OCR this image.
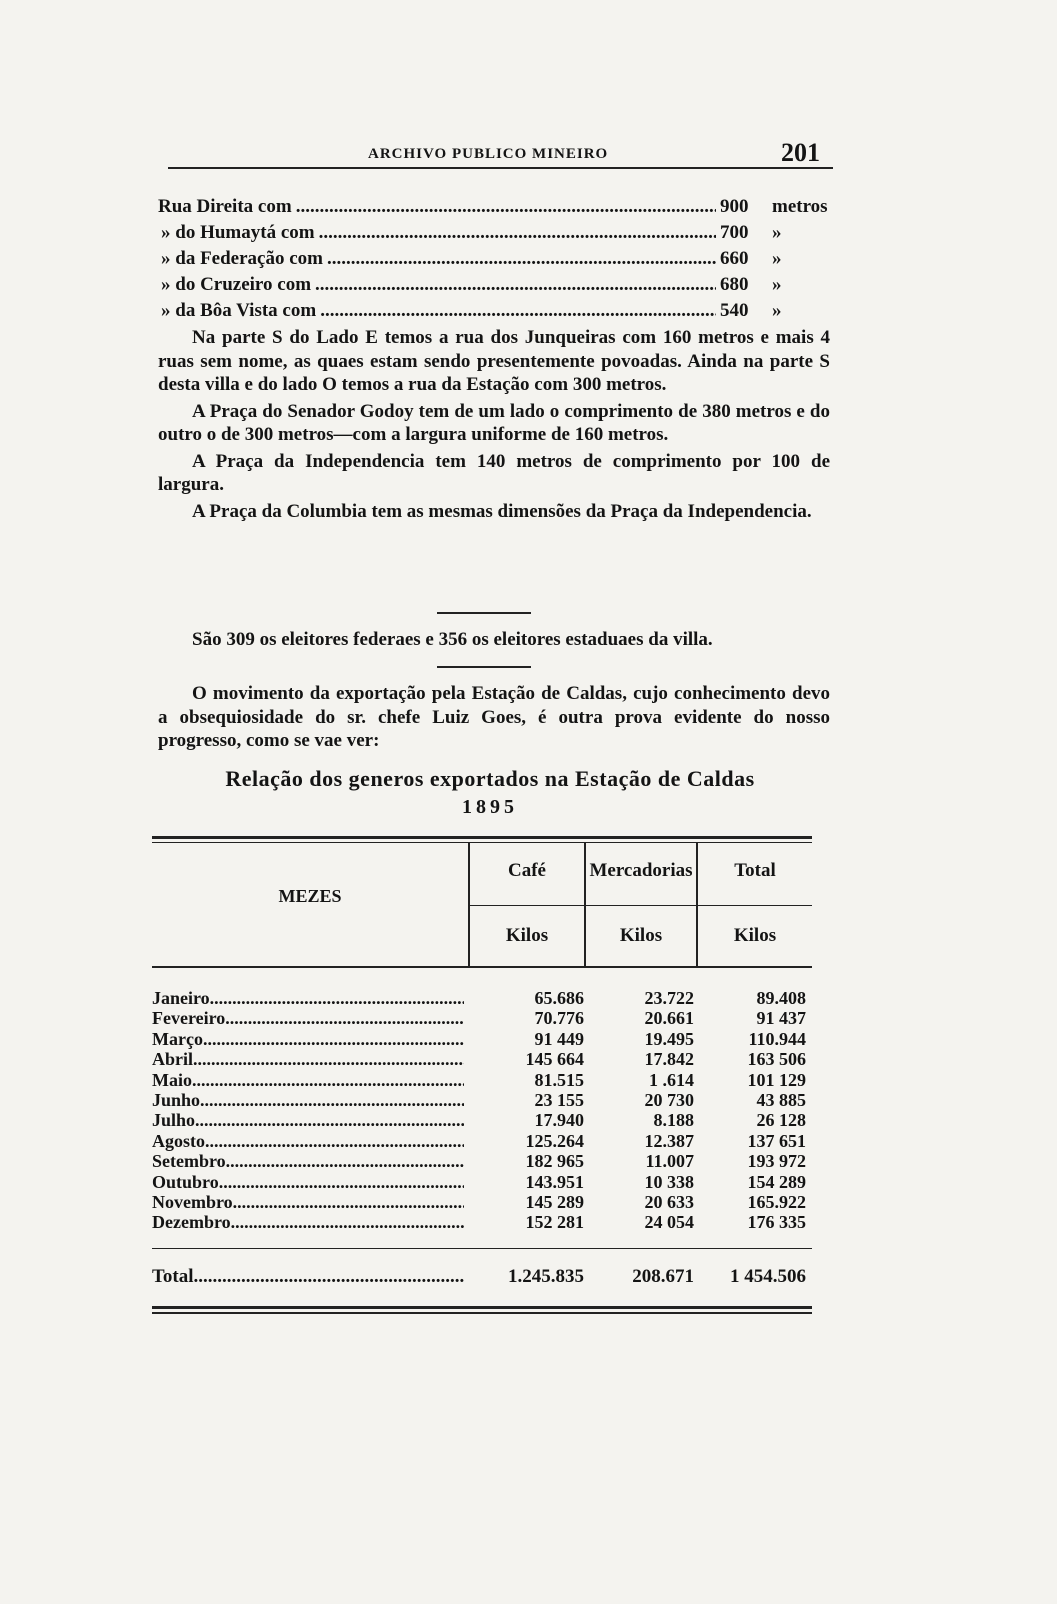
ARCHIVO PUBLICO MINEIRO	201
Rua Direita com .....	900	metros
» do Humaytá com .....	700	»
» da Federação com .....	660	»
» do Cruzeiro com .....	680	»
» da Bôa Vista com .....	540	»

Na parte S do Lado E temos a rua dos Junqueiras com 160 metros e mais 4 ruas sem nome, as quaes estam sendo presentemente povoadas. Ainda na parte S desta villa e do lado O temos a rua da Estação com 300 metros.

A Praça do Senador Godoy tem de um lado o comprimento de 380 metros e do outro o de 300 metros—com a largura uniforme de 160 metros.

A Praça da Independencia tem 140 metros de comprimento por 100 de largura.

A Praça da Columbia tem as mesmas dimensões da Praça da Independencia.

São 309 os eleitores federaes e 356 os eleitores estaduaes da villa.

O movimento da exportação pela Estação de Caldas, cujo conhecimento devo a obsequiosidade do sr. chefe Luiz Goes, é outra prova evidente do nosso progresso, como se vae ver:

Relação dos generos exportados na Estação de Caldas
1895
MEZES
Café	Mercadorias	Total
Kilos	Kilos	Kilos
Janeiro .....	65.686	23.722	89.408
Fevereiro .....	70.776	20.661	91 437
Março .....	91 449	19.495	110.944
Abril .....	145 664	17.842	163 506
Maio .....	81.515	1 .614	101 129
Junho .....	23 155	20 730	43 885
Julho .....	17.940	8.188	26 128
Agosto .....	125.264	12.387	137 651
Setembro .....	182 965	11.007	193 972
Outubro .....	143.951	10 338	154 289
Novembro .....	145 289	20 633	165.922
Dezembro .....	152 281	24 054	176 335
Total .....	1.245.835	208.671	1 454.506
